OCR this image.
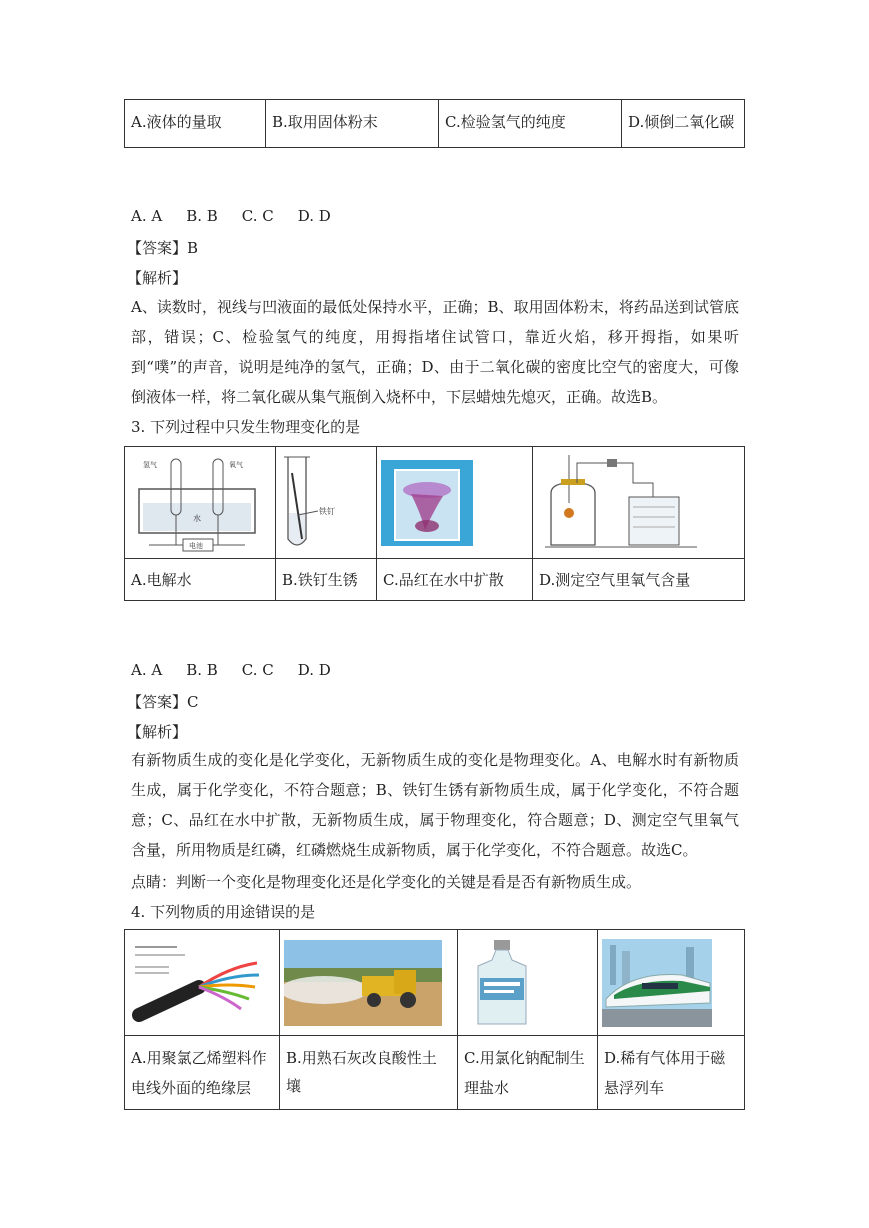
A.液体的量取	B.取用固体粉末	C.检验氢气的纯度	D.倾倒二氧化碳
A. A B. B C. C D. D
【答案】B
【解析】
A、读数时，视线与凹液面的最低处保持水平，正确；B、取用固体粉末，将药品送到试管底部，错误；C、检验氢气的纯度，用拇指堵住试管口，靠近火焰，移开拇指，如果听到“噗”的声音，说明是纯净的氢气，正确；D、由于二氧化碳的密度比空气的密度大，可像倒液体一样，将二氧化碳从集气瓶倒入烧杯中，下层蜡烛先熄灭，正确。故选B。
3. 下列过程中只发生物理变化的是
氢气 氧气
水
电池	铁钉

A.电解水	B.铁钉生锈	C.品红在水中扩散	D.测定空气里氧气含量
A. A B. B C. C D. D
【答案】C
【解析】
有新物质生成的变化是化学变化，无新物质生成的变化是物理变化。A、电解水时有新物质生成，属于化学变化，不符合题意；B、铁钉生锈有新物质生成，属于化学变化，不符合题意；C、品红在水中扩散，无新物质生成，属于物理变化，符合题意；D、测定空气里氧气含量，所用物质是红磷，红磷燃烧生成新物质，属于化学变化，不符合题意。故选C。
点睛：判断一个变化是物理变化还是化学变化的关键是看是否有新物质生成。
4. 下列物质的用途错误的是

A.用聚氯乙烯塑料作电线外面的绝缘层	B.用熟石灰改良酸性土壤	C.用氯化钠配制生理盐水	D.稀有气体用于磁悬浮列车
